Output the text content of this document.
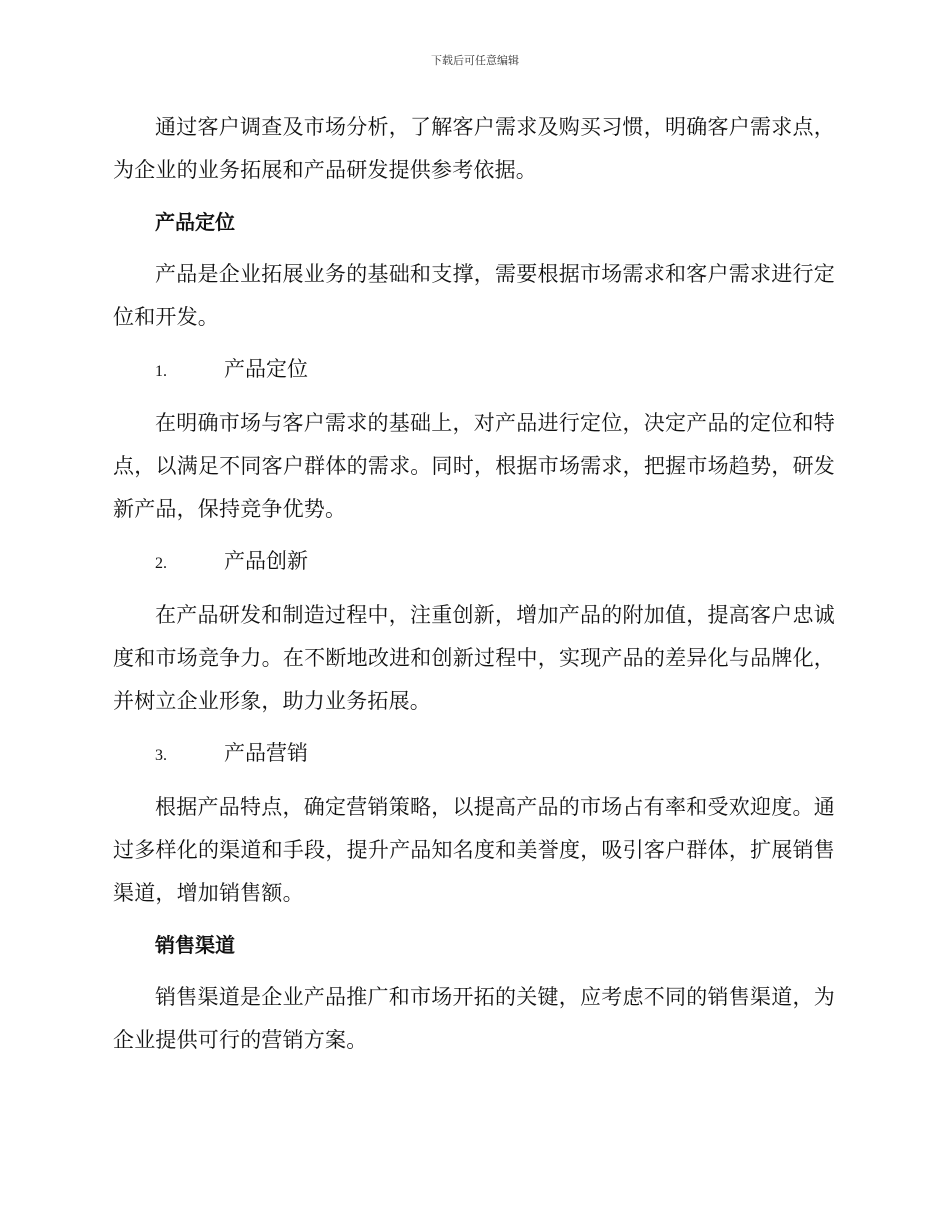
下载后可任意编辑

通过客户调查及市场分析，了解客户需求及购买习惯，明确客户需求点，为企业的业务拓展和产品研发提供参考依据。

产品定位

产品是企业拓展业务的基础和支撑，需要根据市场需求和客户需求进行定位和开发。

1.	产品定位

在明确市场与客户需求的基础上，对产品进行定位，决定产品的定位和特点，以满足不同客户群体的需求。同时，根据市场需求，把握市场趋势，研发新产品，保持竞争优势。

2.	产品创新

在产品研发和制造过程中，注重创新，增加产品的附加值，提高客户忠诚度和市场竞争力。在不断地改进和创新过程中，实现产品的差异化与品牌化，并树立企业形象，助力业务拓展。

3.	产品营销

根据产品特点，确定营销策略，以提高产品的市场占有率和受欢迎度。通过多样化的渠道和手段，提升产品知名度和美誉度，吸引客户群体，扩展销售渠道，增加销售额。

销售渠道

销售渠道是企业产品推广和市场开拓的关键，应考虑不同的销售渠道，为企业提供可行的营销方案。
